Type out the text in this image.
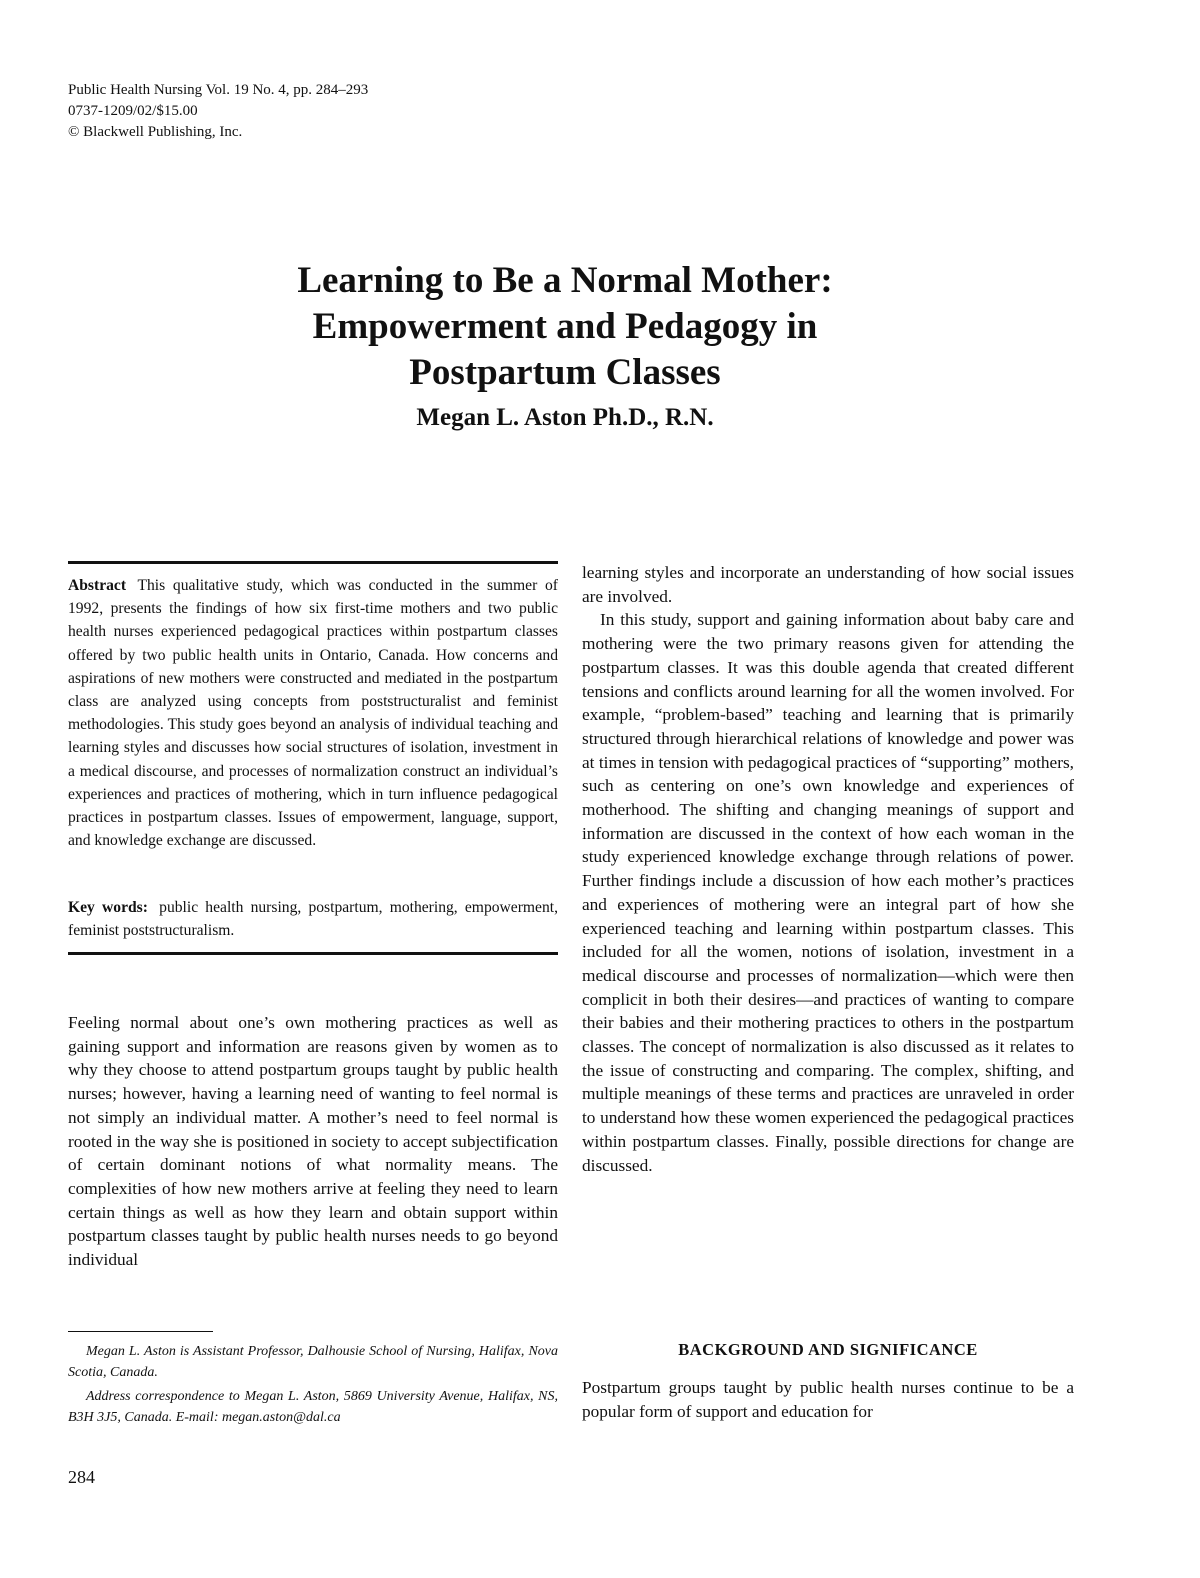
Public Health Nursing Vol. 19 No. 4, pp. 284–293
0737-1209/02/$15.00
© Blackwell Publishing, Inc.
Learning to Be a Normal Mother:
Empowerment and Pedagogy in
Postpartum Classes
Megan L. Aston Ph.D., R.N.
Abstract This qualitative study, which was conducted in the summer of 1992, presents the findings of how six first-time mothers and two public health nurses experienced pedagogical practices within postpartum classes offered by two public health units in Ontario, Canada. How concerns and aspirations of new mothers were constructed and mediated in the postpartum class are analyzed using concepts from poststructuralist and feminist methodologies. This study goes beyond an analysis of individual teaching and learning styles and discusses how social structures of isolation, investment in a medical discourse, and processes of normalization construct an individual’s experiences and practices of mothering, which in turn influence pedagogical practices in postpartum classes. Issues of empowerment, language, support, and knowledge exchange are discussed.
Key words: public health nursing, postpartum, mothering, empowerment, feminist poststructuralism.

Feeling normal about one’s own mothering practices as well as gaining support and information are reasons given by women as to why they choose to attend postpartum groups taught by public health nurses; however, having a learning need of wanting to feel normal is not simply an individual matter. A mother’s need to feel normal is rooted in the way she is positioned in society to accept subjectification of certain dominant notions of what normality means. The complexities of how new mothers arrive at feeling they need to learn certain things as well as how they learn and obtain support within postpartum classes taught by public health nurses needs to go beyond individual

learning styles and incorporate an understanding of how social issues are involved.

In this study, support and gaining information about baby care and mothering were the two primary reasons given for attending the postpartum classes. It was this double agenda that created different tensions and conflicts around learning for all the women involved. For example, “problem-based” teaching and learning that is primarily structured through hierarchical relations of knowledge and power was at times in tension with pedagogical practices of “supporting” mothers, such as centering on one’s own knowledge and experiences of motherhood. The shifting and changing meanings of support and information are discussed in the context of how each woman in the study experienced knowledge exchange through relations of power. Further findings include a discussion of how each mother’s practices and experiences of mothering were an integral part of how she experienced teaching and learning within postpartum classes. This included for all the women, notions of isolation, investment in a medical discourse and processes of normalization—which were then complicit in both their desires—and practices of wanting to compare their babies and their mothering practices to others in the postpartum classes. The concept of normalization is also discussed as it relates to the issue of constructing and comparing. The complex, shifting, and multiple meanings of these terms and practices are unraveled in order to understand how these women experienced the pedagogical practices within postpartum classes. Finally, possible directions for change are discussed.

BACKGROUND AND SIGNIFICANCE

Postpartum groups taught by public health nurses continue to be a popular form of support and education for

Megan L. Aston is Assistant Professor, Dalhousie School of Nursing, Halifax, Nova Scotia, Canada.

Address correspondence to Megan L. Aston, 5869 University Avenue, Halifax, NS, B3H 3J5, Canada. E-mail: megan.aston@dal.ca

284
